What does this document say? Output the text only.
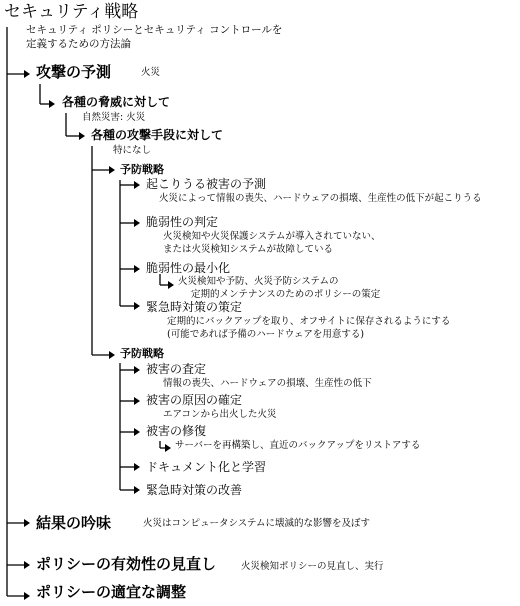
セキュリティ戦略
セキュリティ ポリシーとセキュリティ コントロールを
定義するための方法論
攻撃の予測	火災
各種の脅威に対して
自然災害: 火災
各種の攻撃手段に対して
特になし
予防戦略
起こりうる被害の予測
火災によって情報の喪失、ハードウェアの損壊、生産性の低下が起こりうる
脆弱性の判定
火災検知や火災保護システムが導入されていない、
または火災検知システムが故障している
脆弱性の最小化
火災検知や予防、火災予防システムの
定期的メンテナンスのためのポリシーの策定
緊急時対策の策定
定期的にバックアップを取り、オフサイトに保存されるようにする
(可能であれば予備のハードウェアを用意する)
予防戦略
被害の査定
情報の喪失、ハードウェアの損壊、生産性の低下
被害の原因の確定
エアコンから出火した火災
被害の修復
サーバーを再構築し、直近のバックアップをリストアする
ドキュメント化と学習
緊急時対策の改善
結果の吟味	火災はコンピュータシステムに壊滅的な影響を及ぼす
ポリシーの有効性の見直し	火災検知ポリシーの見直し、実行
ポリシーの適宜な調整
